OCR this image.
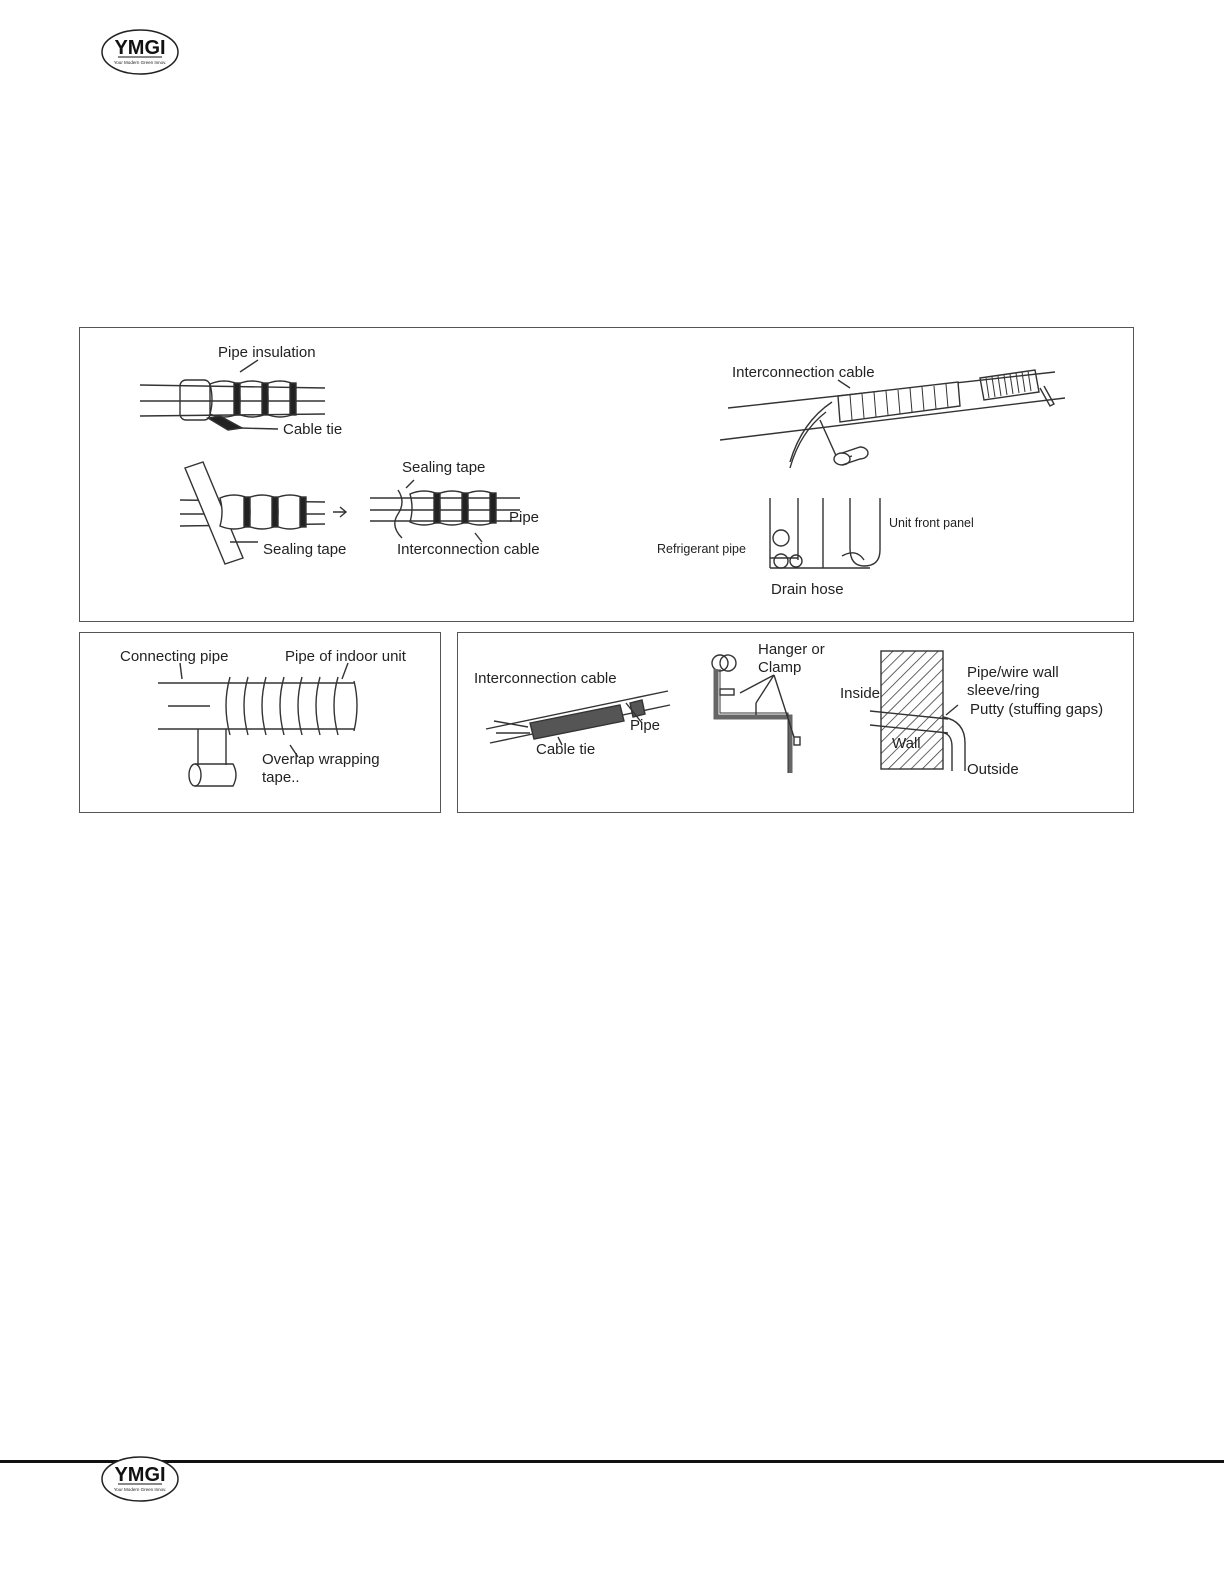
YMGI
Your Modern Green Innov.
Pipe insulation
Cable tie
Sealing tape
Pipe
Sealing tape	Interconnection cable
Interconnection cable
Unit front panel
Refrigerant pipe
Drain hose
Connecting pipe	Pipe of indoor unit
Overlap wrapping
tape..
Interconnection cable
Pipe
Cable tie
Hanger or
Clamp
Inside
Pipe/wire wall
sleeve/ring
Putty (stuffing gaps)
Wall
Outside
YMGI
Your Modern Green Innov.
